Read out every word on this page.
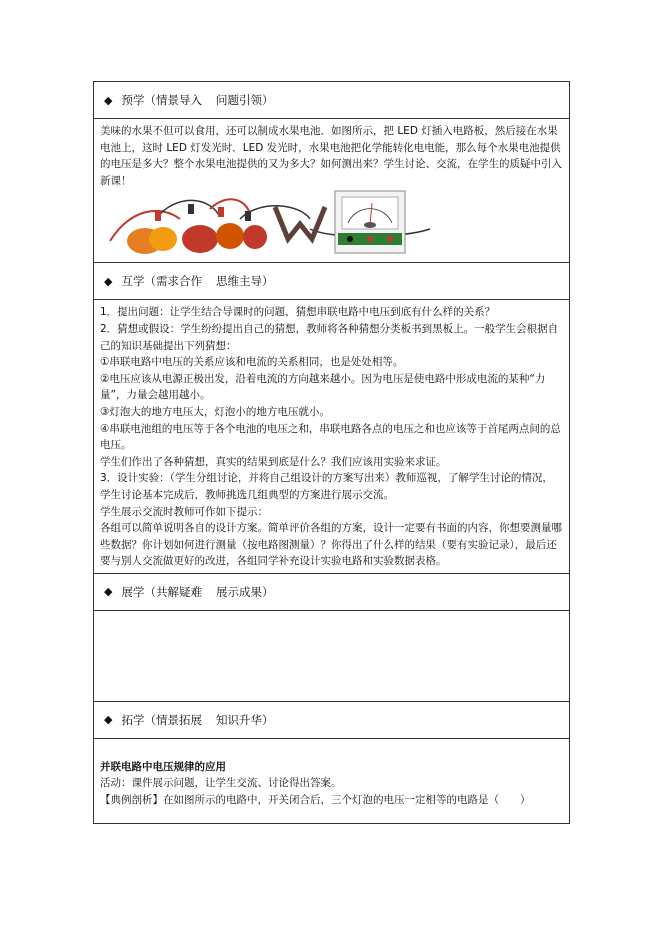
◆ 预学（情景导入 问题引领）

美味的水果不但可以食用，还可以制成水果电池．如图所示，把 LED 灯插入电路板，然后接在水果电池上，这时 LED 灯发光时．LED 发光时，水果电池把化学能转化电电能，那么每个水果电池提供的电压是多大？整个水果电池提供的又为多大？如何测出来？学生讨论、交流，在学生的质疑中引入新课！

◆ 互学（需求合作 思维主导）

1．提出问题：让学生结合导课时的问题，猜想串联电路中电压到底有什么样的关系？

2．猜想或假设：学生纷纷提出自己的猜想，教师将各种猜想分类板书到黑板上。一般学生会根据自己的知识基础提出下列猜想：

①串联电路中电压的关系应该和电流的关系相同，也是处处相等。

②电压应该从电源正极出发，沿着电流的方向越来越小。因为电压是使电路中形成电流的某种“力量”，力量会越用越小。

③灯泡大的地方电压大，灯泡小的地方电压就小。

④串联电池组的电压等于各个电池的电压之和，串联电路各点的电压之和也应该等于首尾两点间的总电压。

学生们作出了各种猜想，真实的结果到底是什么？我们应该用实验来求证。

3．设计实验：（学生分组讨论，并将自己组设计的方案写出来）教师巡视，了解学生讨论的情况，学生讨论基本完成后，教师挑选几组典型的方案进行展示交流。

学生展示交流时教师可作如下提示：

各组可以简单说明各自的设计方案。简单评价各组的方案，设计一定要有书面的内容，你想要测量哪些数据？你计划如何进行测量（按电路图测量）？你得出了什么样的结果（要有实验记录），最后还要与别人交流做更好的改进，各组同学补充设计实验电路和实验数据表格。

◆ 展学（共解疑难 展示成果）
◆ 拓学（情景拓展 知识升华）

并联电路中电压规律的应用

活动：课件展示问题，让学生交流、讨论得出答案。

【典例剖析】在如图所示的电路中，开关闭合后，三个灯泡的电压一定相等的电路是（　　）
